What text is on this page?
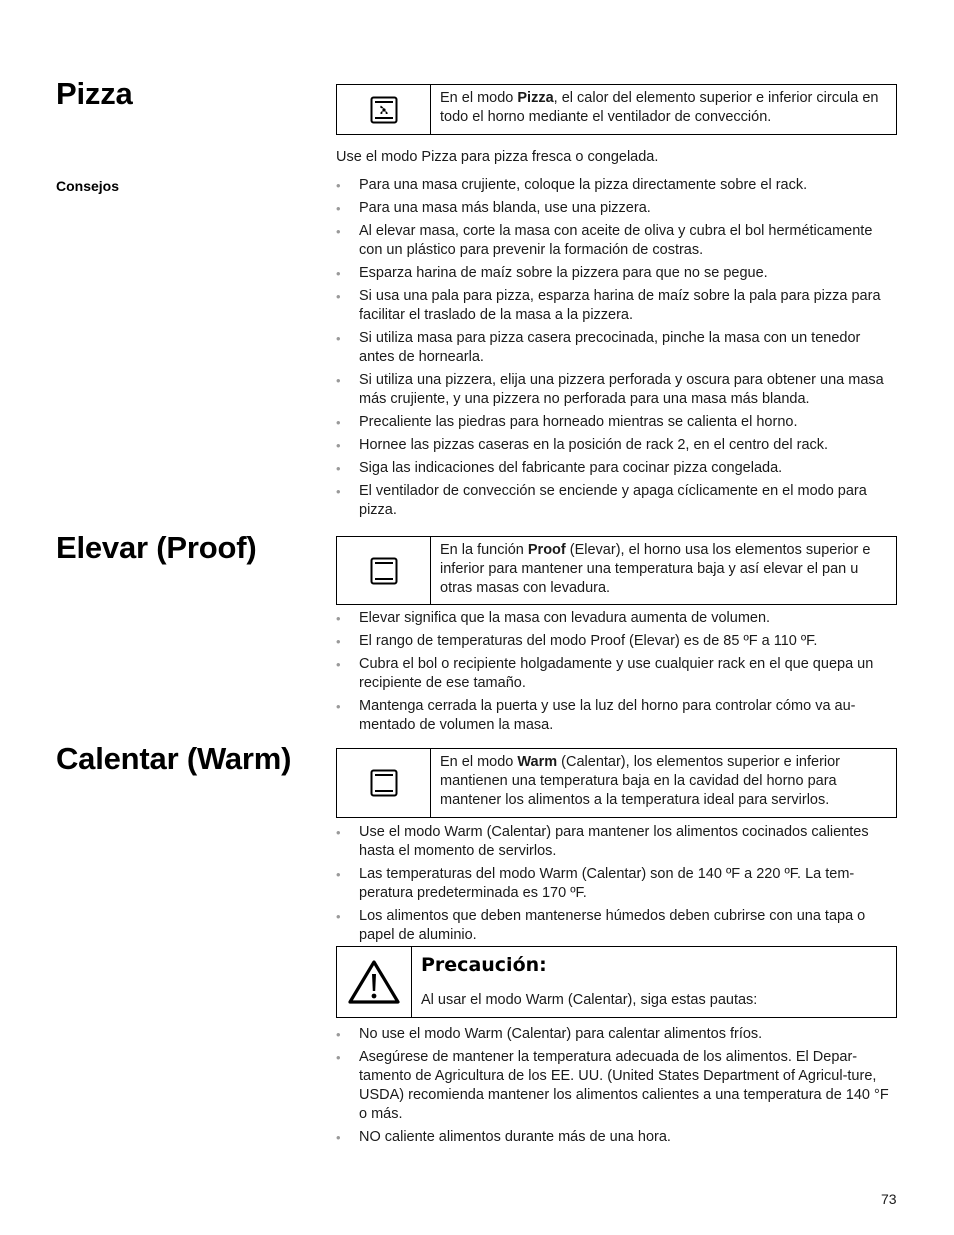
Pizza	En el modo Pizza, el calor del elemento superior e inferior circula en todo el horno mediante el ventilador de convección.

Use el modo Pizza para pizza fresca o congelada.

Consejos

•	Para una masa crujiente, coloque la pizza directamente sobre el rack.
• Para una masa más blanda, use una pizzera.
• Al elevar masa, corte la masa con aceite de oliva y cubra el bol herméticamente con un plástico para prevenir la formación de costras.
• Esparza harina de maíz sobre la pizzera para que no se pegue.
• Si usa una pala para pizza, esparza harina de maíz sobre la pala para pizza para facilitar el traslado de la masa a la pizzera.
• Si utiliza masa para pizza casera precocinada, pinche la masa con un tenedor antes de hornearla.
• Si utiliza una pizzera, elija una pizzera perforada y oscura para obtener una masa más crujiente, y una pizzera no perforada para una masa más blanda.
• Precaliente las piedras para horneado mientras se calienta el horno.
• Hornee las pizzas caseras en la posición de rack 2, en el centro del rack.
• Siga las indicaciones del fabricante para cocinar pizza congelada.
• El ventilador de convección se enciende y apaga cíclicamente en el modo para pizza.
Elevar (Proof)	En la función Proof (Elevar), el horno usa los elementos superior e inferior para mantener una temperatura baja y así elevar el pan u otras masas con levadura.
• Elevar significa que la masa con levadura aumenta de volumen.
• El rango de temperaturas del modo Proof (Elevar) es de 85 ºF a 110 ºF.
• Cubra el bol o recipiente holgadamente y use cualquier rack en el que quepa un recipiente de ese tamaño.
• Mantenga cerrada la puerta y use la luz del horno para controlar cómo va au-mentado de volumen la masa.
Calentar (Warm)	En el modo Warm (Calentar), los elementos superior e inferior mantienen una temperatura baja en la cavidad del horno para mantener los alimentos a la temperatura ideal para servirlos.
• Use el modo Warm (Calentar) para mantener los alimentos cocinados calientes hasta el momento de servirlos.
• Las temperaturas del modo Warm (Calentar) son de 140 ºF a 220 ºF. La tem-peratura predeterminada es 170 ºF.
• Los alimentos que deben mantenerse húmedos deben cubrirse con una tapa o papel de aluminio.
Precaución:
Al usar el modo Warm (Calentar), siga estas pautas:
• No use el modo Warm (Calentar) para calentar alimentos fríos.
• Asegúrese de mantener la temperatura adecuada de los alimentos. El Depar-tamento de Agricultura de los EE. UU. (United States Department of Agricul-ture, USDA) recomienda mantener los alimentos calientes a una temperatura de 140 °F o más.
• NO caliente alimentos durante más de una hora.
73
